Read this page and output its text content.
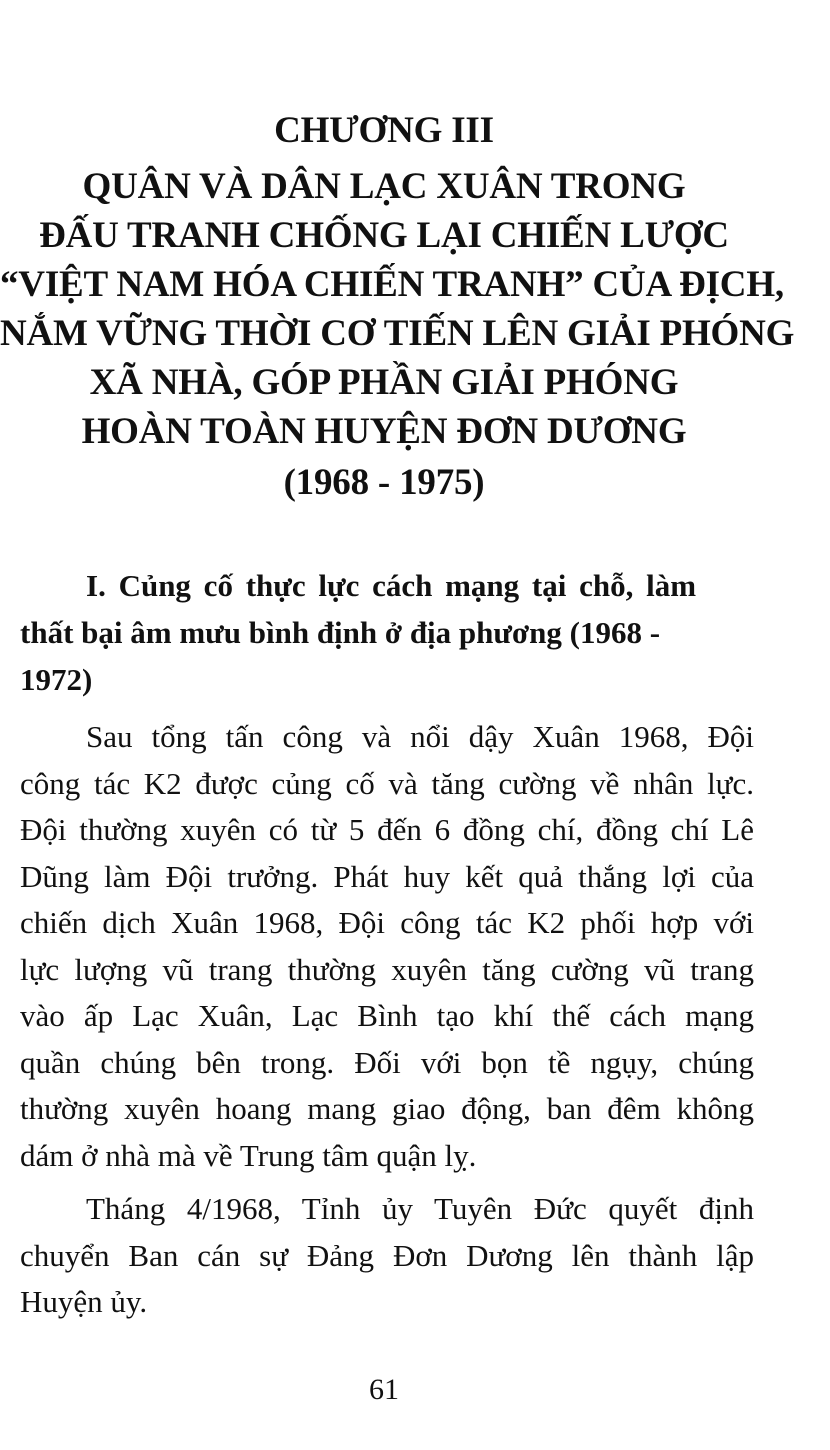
CHƯƠNG III
QUÂN VÀ DÂN LẠC XUÂN TRONG
ĐẤU TRANH CHỐNG LẠI CHIẾN LƯỢC
“VIỆT NAM HÓA CHIẾN TRANH” CỦA ĐỊCH,
NẮM VỮNG THỜI CƠ TIẾN LÊN GIẢI PHÓNG
XÃ NHÀ, GÓP PHẦN GIẢI PHÓNG
HOÀN TOÀN HUYỆN ĐƠN DƯƠNG
(1968 - 1975)
I. Củng cố thực lực cách mạng tại chỗ, làm
thất bại âm mưu bình định ở địa phương (1968 -
1972)
Sau tổng tấn công và nổi dậy Xuân 1968, Đội
công tác K2 được củng cố và tăng cường về nhân lực.
Đội thường xuyên có từ 5 đến 6 đồng chí, đồng chí Lê
Dũng làm Đội trưởng. Phát huy kết quả thắng lợi của
chiến dịch Xuân 1968, Đội công tác K2 phối hợp với
lực lượng vũ trang thường xuyên tăng cường vũ trang
vào ấp Lạc Xuân, Lạc Bình tạo khí thế cách mạng
quần chúng bên trong. Đối với bọn tề ngụy, chúng
thường xuyên hoang mang giao động, ban đêm không
dám ở nhà mà về Trung tâm quận lỵ.
Tháng 4/1968, Tỉnh ủy Tuyên Đức quyết định
chuyển Ban cán sự Đảng Đơn Dương lên thành lập
Huyện ủy.
61
